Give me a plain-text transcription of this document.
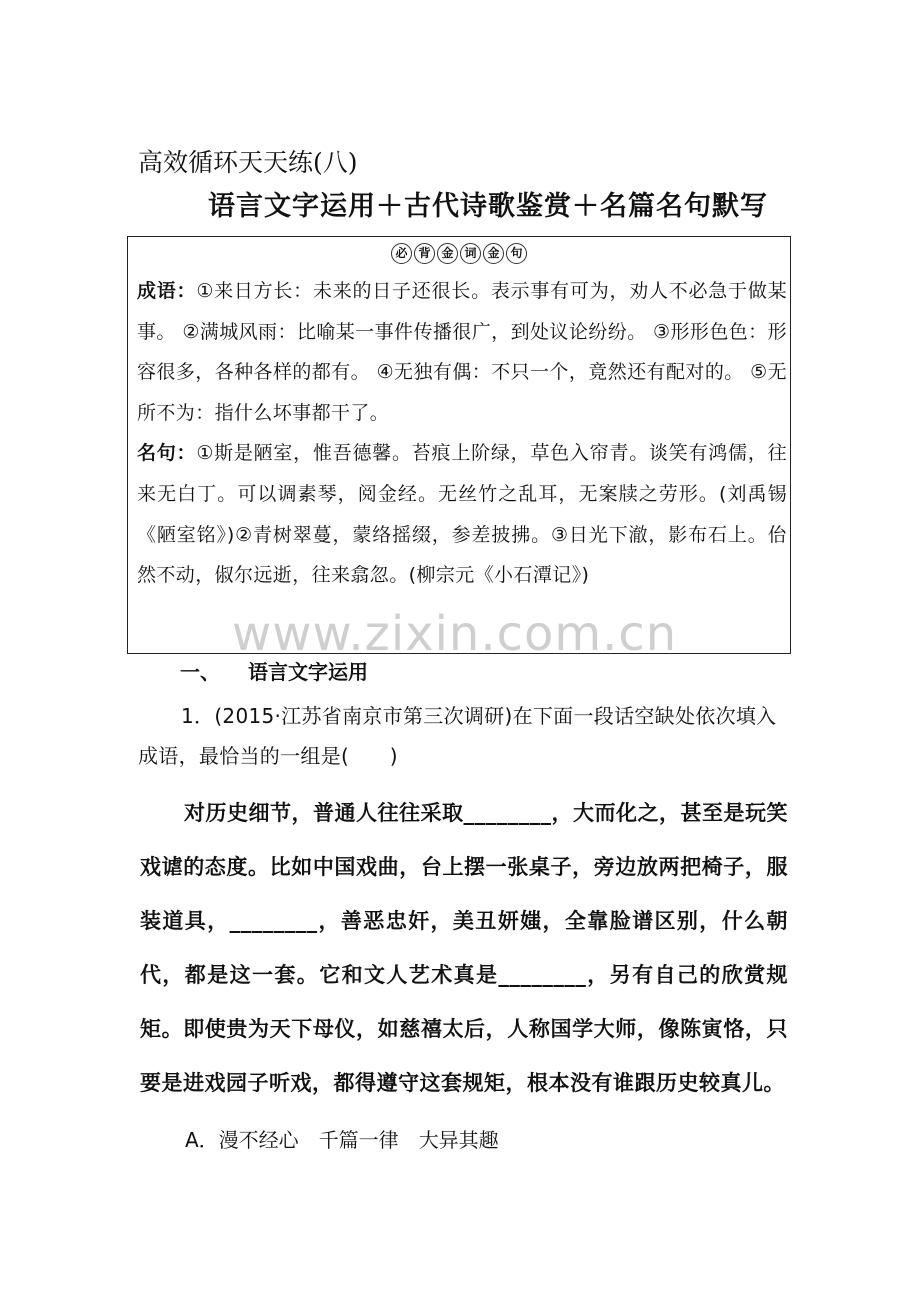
高效循环天天练(八)
语言文字运用＋古代诗歌鉴赏＋名篇名句默写
必 背 金 词 金 句

成语：①来日方长：未来的日子还很长。表示事有可为，劝人不必急于做某事。 ②满城风雨：比喻某一事件传播很广，到处议论纷纷。 ③形形色色：形容很多，各种各样的都有。 ④无独有偶：不只一个，竟然还有配对的。 ⑤无所不为：指什么坏事都干了。

名句：①斯是陋室，惟吾德馨。苔痕上阶绿，草色入帘青。谈笑有鸿儒，往来无白丁。可以调素琴，阅金经。无丝竹之乱耳，无案牍之劳形。(刘禹锡《陋室铭》)②青树翠蔓，蒙络摇缀，参差披拂。③日光下澈，影布石上。佁然不动，俶尔远逝，往来翕忽。(柳宗元《小石潭记》)

www.zixin.com.cn
一、 语言文字运用

1．(2015·江苏省南京市第三次调研)在下面一段话空缺处依次填入成语，最恰当的一组是(　　)

对历史细节，普通人往往采取________，大而化之，甚至是玩笑戏谑的态度。比如中国戏曲，台上摆一张桌子，旁边放两把椅子，服装道具，________，善恶忠奸，美丑妍媸，全靠脸谱区别，什么朝代，都是这一套。它和文人艺术真是________，另有自己的欣赏规矩。即使贵为天下母仪，如慈禧太后，人称国学大师，像陈寅恪，只要是进戏园子听戏，都得遵守这套规矩，根本没有谁跟历史较真儿。

A．漫不经心 千篇一律 大异其趣
